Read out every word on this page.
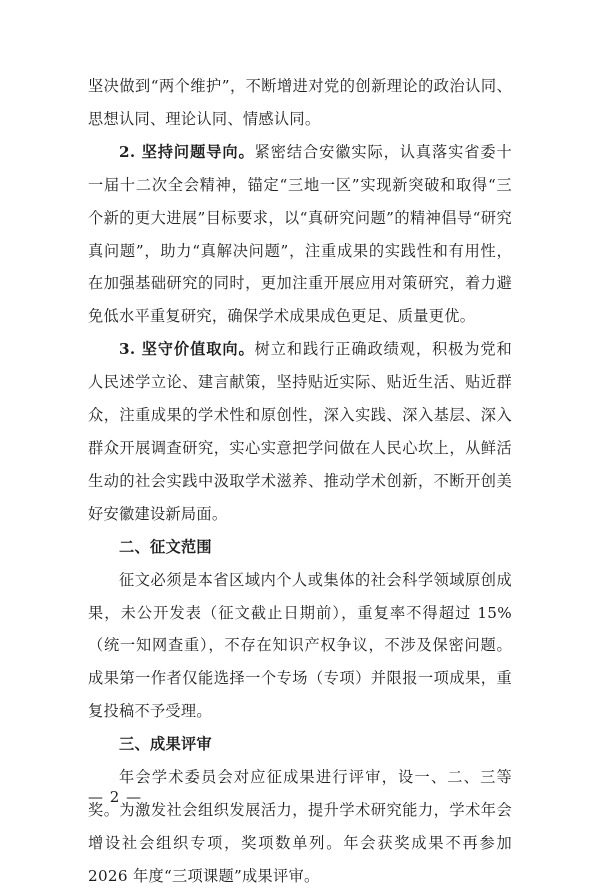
坚决做到“两个维护”，不断增进对党的创新理论的政治认同、思想认同、理论认同、情感认同。

2. 坚持问题导向。紧密结合安徽实际，认真落实省委十一届十二次全会精神，锚定“三地一区”实现新突破和取得“三个新的更大进展”目标要求，以“真研究问题”的精神倡导“研究真问题”，助力“真解决问题”，注重成果的实践性和有用性，在加强基础研究的同时，更加注重开展应用对策研究，着力避免低水平重复研究，确保学术成果成色更足、质量更优。

3. 坚守价值取向。树立和践行正确政绩观，积极为党和人民述学立论、建言献策，坚持贴近实际、贴近生活、贴近群众，注重成果的学术性和原创性，深入实践、深入基层、深入群众开展调查研究，实心实意把学问做在人民心坎上，从鲜活生动的社会实践中汲取学术滋养、推动学术创新，不断开创美好安徽建设新局面。

二、征文范围

征文必须是本省区域内个人或集体的社会科学领域原创成果，未公开发表（征文截止日期前），重复率不得超过 15%（统一知网查重），不存在知识产权争议，不涉及保密问题。成果第一作者仅能选择一个专场（专项）并限报一项成果，重复投稿不予受理。

三、成果评审

年会学术委员会对应征成果进行评审，设一、二、三等奖。为激发社会组织发展活力，提升学术研究能力，学术年会增设社会组织专项，奖项数单列。年会获奖成果不再参加 2026 年度“三项课题”成果评审。

— 2 —
